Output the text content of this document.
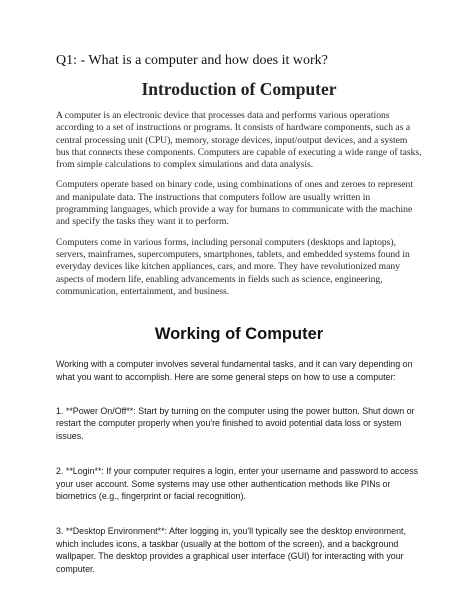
Q1: - What is a computer and how does it work?

Introduction of Computer

A computer is an electronic device that processes data and performs various operations according to a set of instructions or programs. It consists of hardware components, such as a central processing unit (CPU), memory, storage devices, input/output devices, and a system bus that connects these components. Computers are capable of executing a wide range of tasks, from simple calculations to complex simulations and data analysis.

Computers operate based on binary code, using combinations of ones and zeroes to represent and manipulate data. The instructions that computers follow are usually written in programming languages, which provide a way for humans to communicate with the machine and specify the tasks they want it to perform.

Computers come in various forms, including personal computers (desktops and laptops), servers, mainframes, supercomputers, smartphones, tablets, and embedded systems found in everyday devices like kitchen appliances, cars, and more. They have revolutionized many aspects of modern life, enabling advancements in fields such as science, engineering, communication, entertainment, and business.

Working of Computer

Working with a computer involves several fundamental tasks, and it can vary depending on what you want to accomplish. Here are some general steps on how to use a computer:

1. **Power On/Off**: Start by turning on the computer using the power button. Shut down or restart the computer properly when you're finished to avoid potential data loss or system issues.

2. **Login**: If your computer requires a login, enter your username and password to access your user account. Some systems may use other authentication methods like PINs or biometrics (e.g., fingerprint or facial recognition).

3. **Desktop Environment**: After logging in, you'll typically see the desktop environment, which includes icons, a taskbar (usually at the bottom of the screen), and a background wallpaper. The desktop provides a graphical user interface (GUI) for interacting with your computer.
